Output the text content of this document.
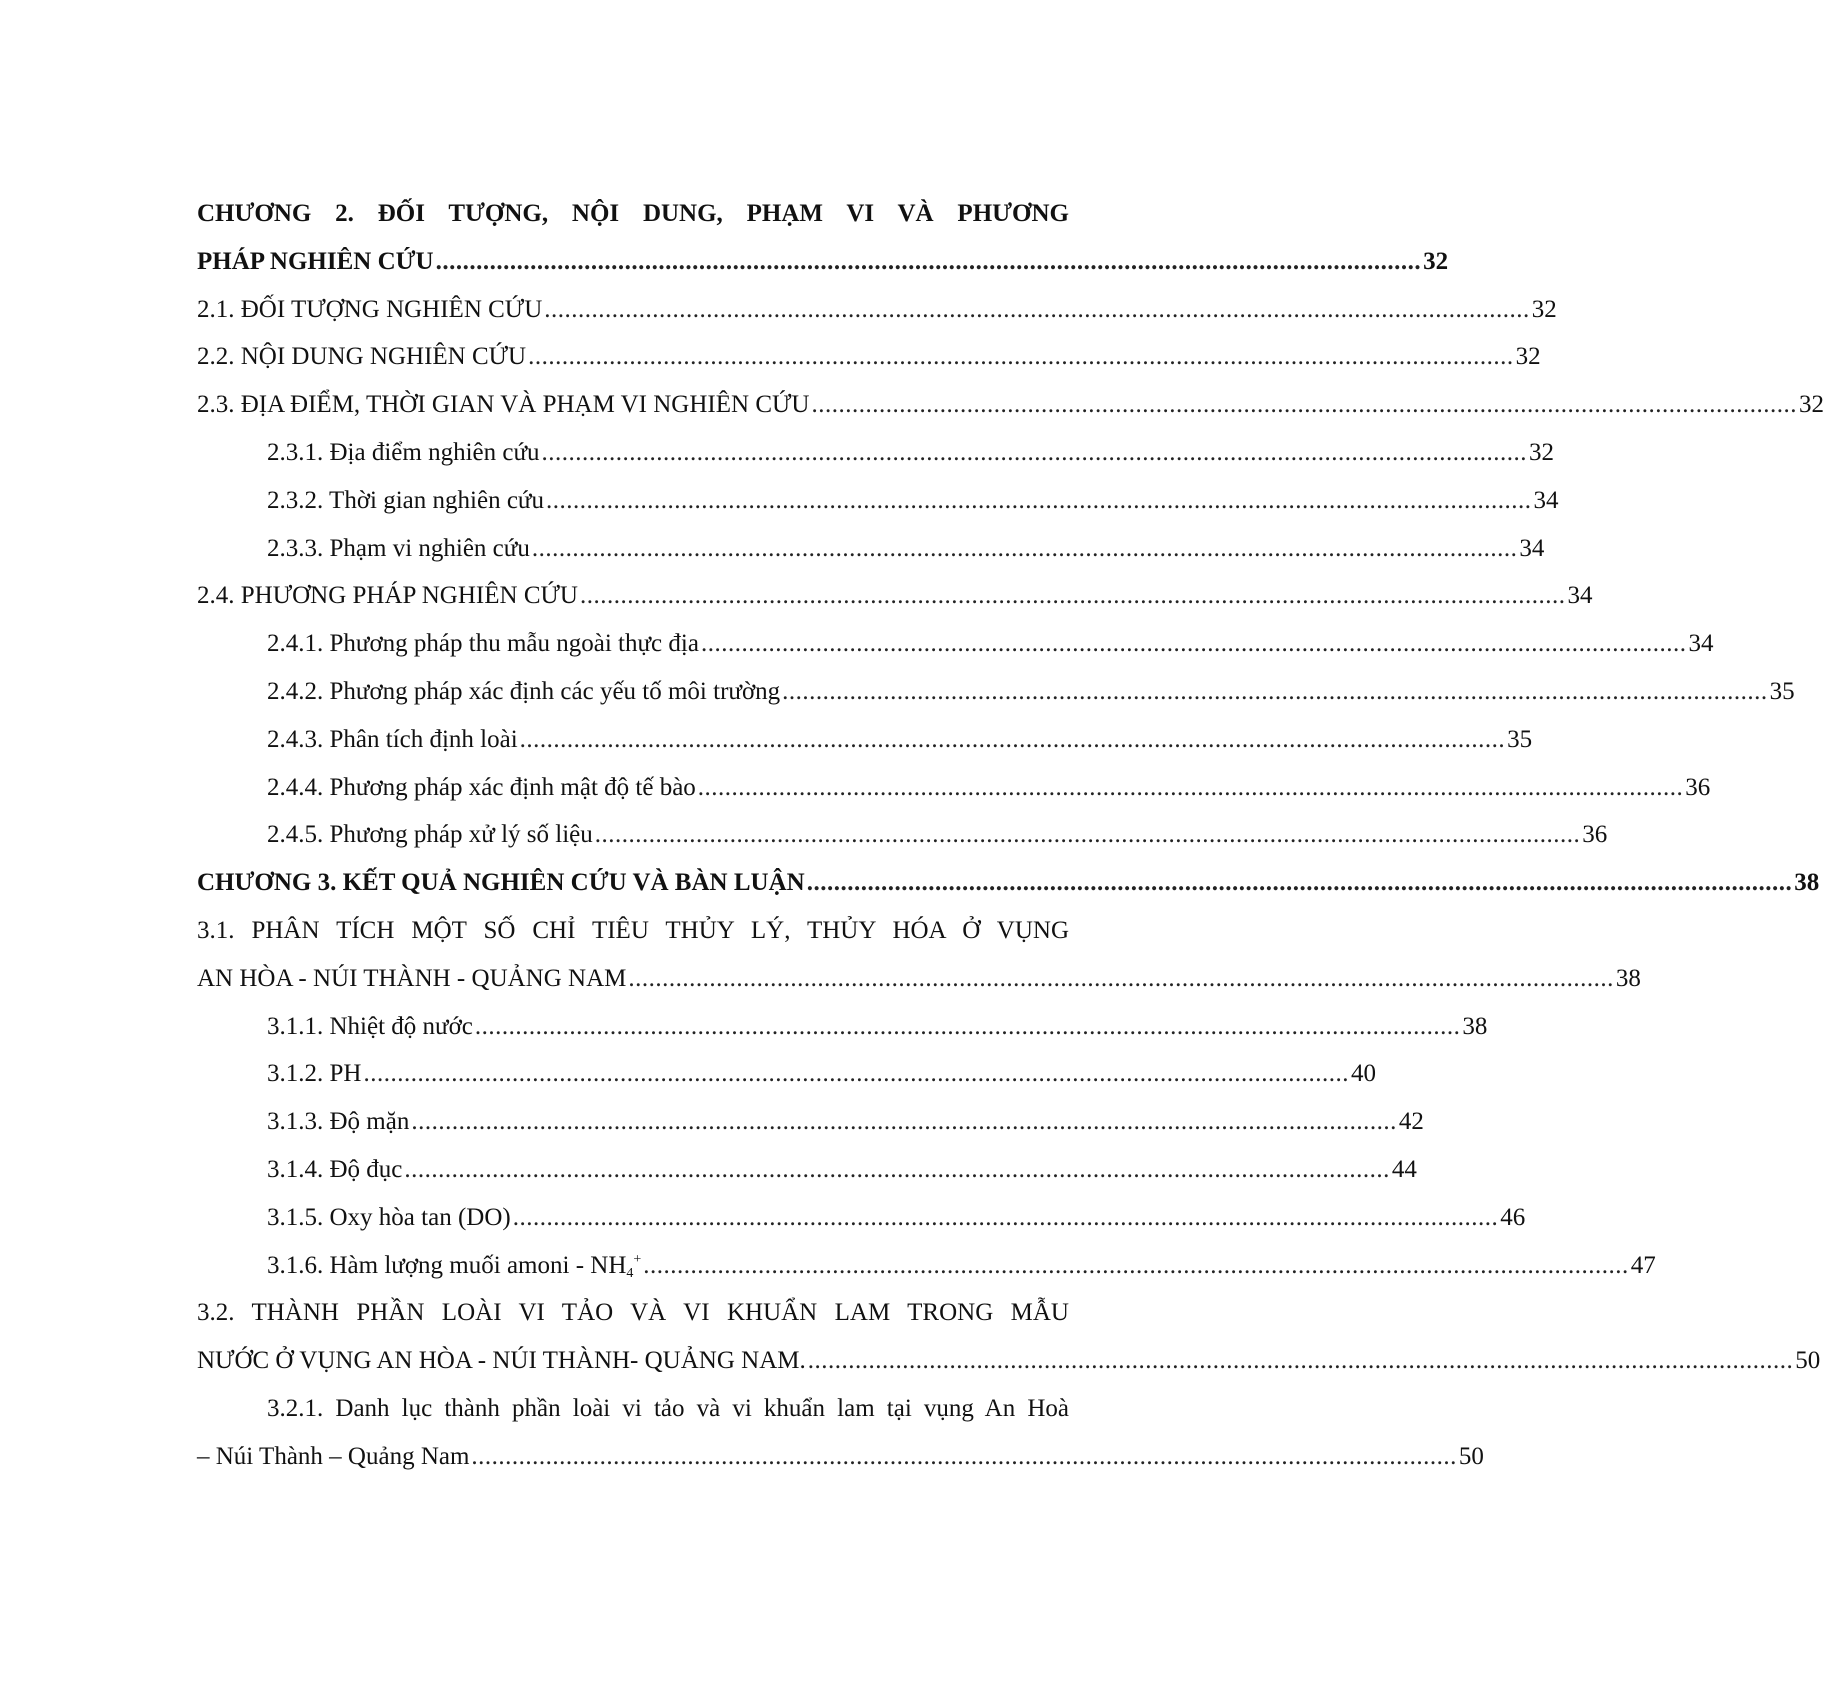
CHƯƠNG 2. ĐỐI TƯỢNG, NỘI DUNG, PHẠM VI VÀ PHƯƠNG
PHÁP NGHIÊN CỨU .................................................................................................................................................. 32
2.1. ĐỐI TƯỢNG NGHIÊN CỨU .................................................................................................................................................. 32
2.2. NỘI DUNG NGHIÊN CỨU .................................................................................................................................................. 32
2.3. ĐỊA ĐIỂM, THỜI GIAN VÀ PHẠM VI NGHIÊN CỨU .................................................................................................................................................. 32
2.3.1. Địa điểm nghiên cứu .................................................................................................................................................. 32
2.3.2. Thời gian nghiên cứu .................................................................................................................................................. 34
2.3.3. Phạm vi nghiên cứu .................................................................................................................................................. 34
2.4. PHƯƠNG PHÁP NGHIÊN CỨU .................................................................................................................................................. 34
2.4.1. Phương pháp thu mẫu ngoài thực địa .................................................................................................................................................. 34
2.4.2. Phương pháp xác định các yếu tố môi trường .................................................................................................................................................. 35
2.4.3. Phân tích định loài .................................................................................................................................................. 35
2.4.4. Phương pháp xác định mật độ tế bào .................................................................................................................................................. 36
2.4.5. Phương pháp xử lý số liệu .................................................................................................................................................. 36
CHƯƠNG 3. KẾT QUẢ NGHIÊN CỨU VÀ BÀN LUẬN .................................................................................................................................................. 38
3.1. PHÂN TÍCH MỘT SỐ CHỈ TIÊU THỦY LÝ, THỦY HÓA Ở VỤNG
AN HÒA - NÚI THÀNH - QUẢNG NAM .................................................................................................................................................. 38
3.1.1. Nhiệt độ nước .................................................................................................................................................. 38
3.1.2. PH .................................................................................................................................................. 40
3.1.3. Độ mặn .................................................................................................................................................. 42
3.1.4. Độ đục .................................................................................................................................................. 44
3.1.5. Oxy hòa tan (DO) .................................................................................................................................................. 46
3.1.6. Hàm lượng muối amoni - $NH_4^+$ .................................................................................................................................................. 47
3.2. THÀNH PHẦN LOÀI VI TẢO VÀ VI KHUẨN LAM TRONG MẪU
NƯỚC Ở VỤNG AN HÒA - NÚI THÀNH- QUẢNG NAM. .................................................................................................................................................. 50
3.2.1. Danh lục thành phần loài vi tảo và vi khuẩn lam tại vụng An Hoà
– Núi Thành – Quảng Nam .................................................................................................................................................. 50
